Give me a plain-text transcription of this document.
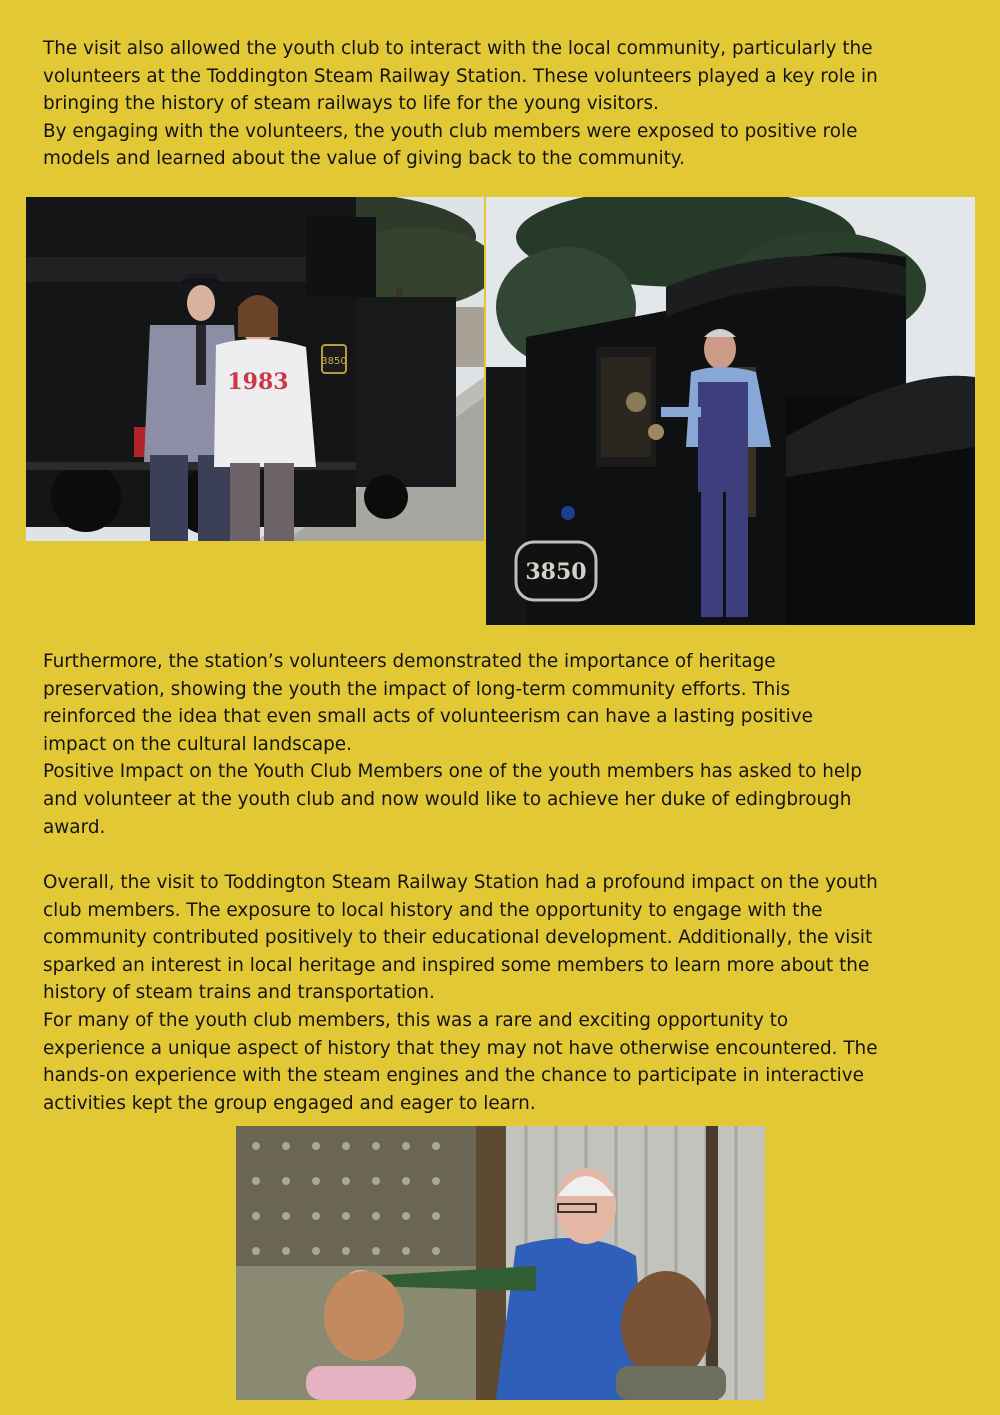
The visit also allowed the youth club to interact with the local community, particularly the
volunteers at the Toddington Steam Railway Station. These volunteers played a key role in
bringing the history of steam railways to life for the young visitors.
By engaging with the volunteers, the youth club members were exposed to positive role
models and learned about the value of giving back to the community.

3850
1983
3850

Furthermore, the station’s volunteers demonstrated the importance of heritage
preservation, showing the youth the impact of long-term community efforts. This
reinforced the idea that even small acts of volunteerism can have a lasting positive
impact on the cultural landscape.
Positive Impact on the Youth Club Members one of the youth members has asked to help
and volunteer at the youth club and now would like to achieve her duke of edingbrough
award.

Overall, the visit to Toddington Steam Railway Station had a profound impact on the youth
club members. The exposure to local history and the opportunity to engage with the
community contributed positively to their educational development. Additionally, the visit
sparked an interest in local heritage and inspired some members to learn more about the
history of steam trains and transportation.
For many of the youth club members, this was a rare and exciting opportunity to
experience a unique aspect of history that they may not have otherwise encountered. The
hands-on experience with the steam engines and the chance to participate in interactive
activities kept the group engaged and eager to learn.
